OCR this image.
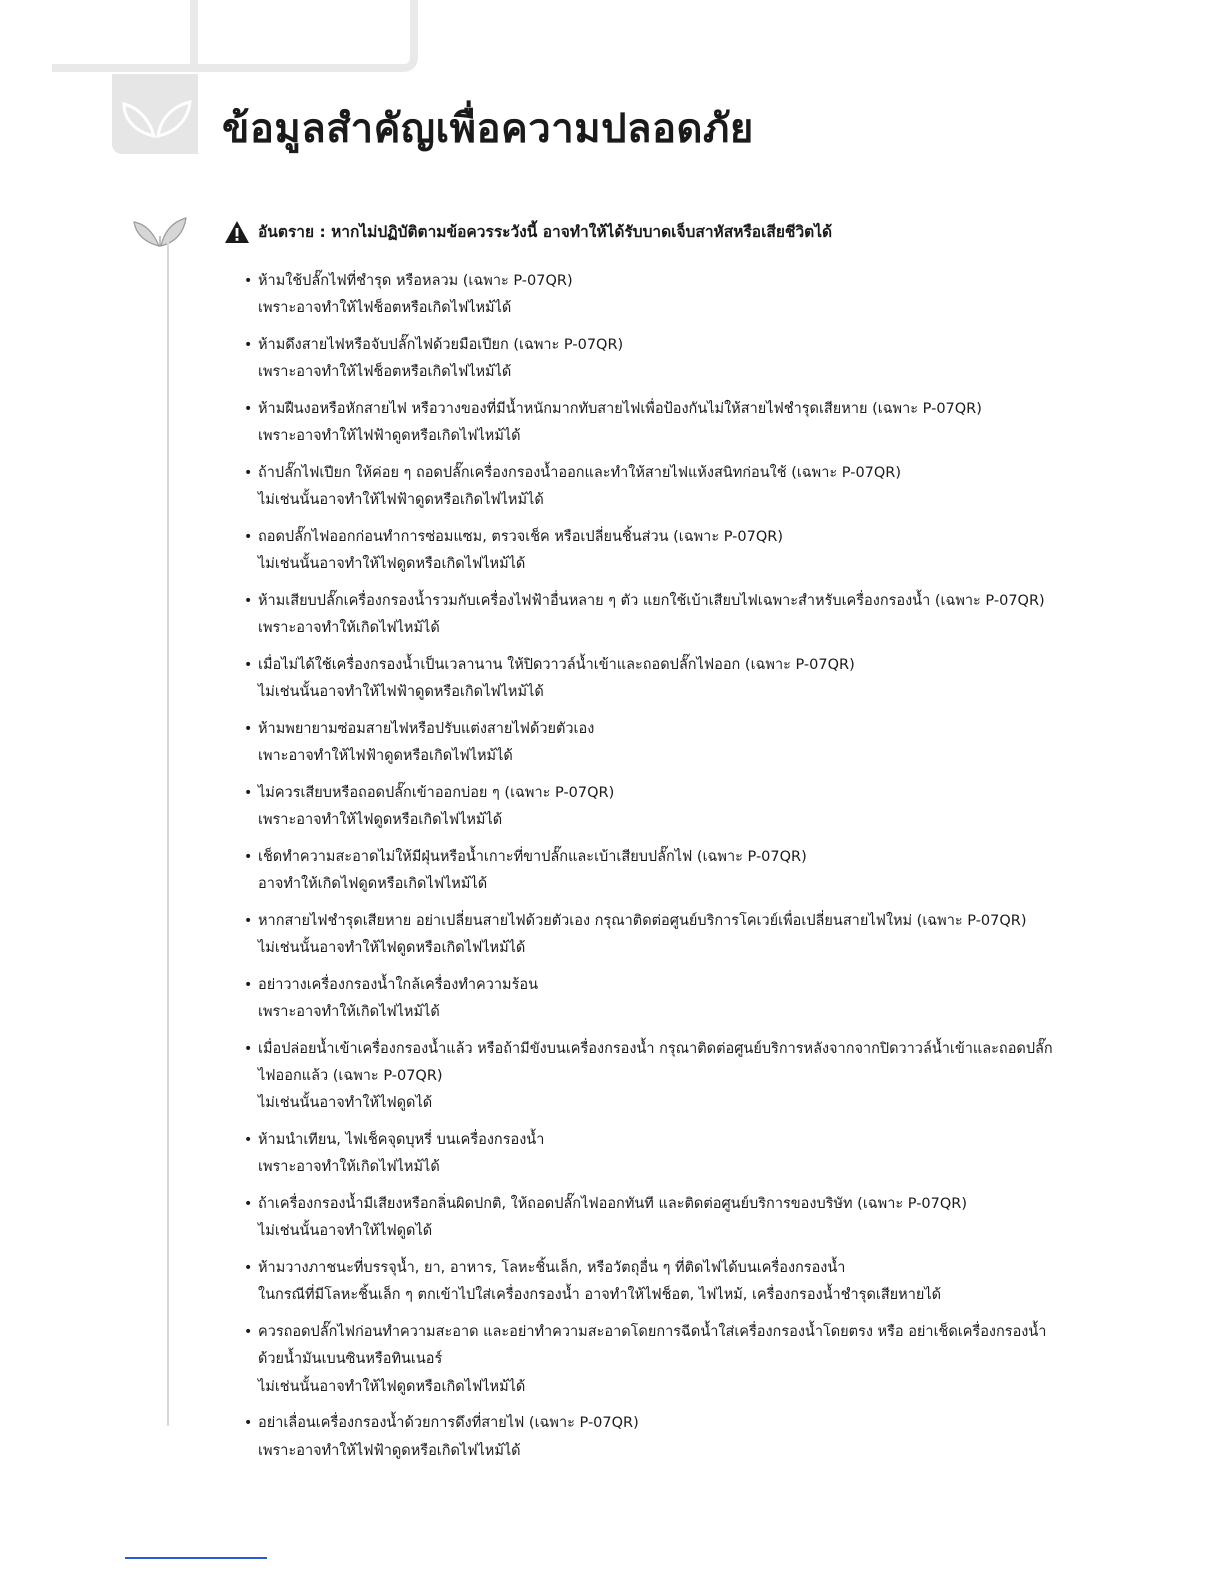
ข้อมูลสำคัญเพื่อความปลอดภัย
อันตราย : หากไม่ปฏิบัติตามข้อควรระวังนี้ อาจทำให้ได้รับบาดเจ็บสาหัสหรือเสียชีวิตได้
• ห้ามใช้ปลั๊กไฟที่ชำรุด หรือหลวม (เฉพาะ P-07QR)

เพราะอาจทำให้ไฟช็อตหรือเกิดไฟไหม้ได้

• ห้ามดึงสายไฟหรือจับปลั๊กไฟด้วยมือเปียก (เฉพาะ P-07QR)

เพราะอาจทำให้ไฟช็อตหรือเกิดไฟไหม้ได้

• ห้ามฝืนงอหรือหักสายไฟ หรือวางของที่มีน้ำหนักมากทับสายไฟเพื่อป้องกันไม่ให้สายไฟชำรุดเสียหาย (เฉพาะ P-07QR)

เพราะอาจทำให้ไฟฟ้าดูดหรือเกิดไฟไหม้ได้

• ถ้าปลั๊กไฟเปียก ให้ค่อย ๆ ถอดปลั๊กเครื่องกรองน้ำออกและทำให้สายไฟแห้งสนิทก่อนใช้ (เฉพาะ P-07QR)

ไม่เช่นนั้นอาจทำให้ไฟฟ้าดูดหรือเกิดไฟไหม้ได้

• ถอดปลั๊กไฟออกก่อนทำการซ่อมแซม, ตรวจเช็ค หรือเปลี่ยนชิ้นส่วน (เฉพาะ P-07QR)

ไม่เช่นนั้นอาจทำให้ไฟดูดหรือเกิดไฟไหม้ได้

• ห้ามเสียบปลั๊กเครื่องกรองน้ำรวมกับเครื่องไฟฟ้าอื่นหลาย ๆ ตัว แยกใช้เบ้าเสียบไฟเฉพาะสำหรับเครื่องกรองน้ำ (เฉพาะ P-07QR)

เพราะอาจทำให้เกิดไฟไหม้ได้

• เมื่อไม่ได้ใช้เครื่องกรองน้ำเป็นเวลานาน ให้ปิดวาวล์น้ำเข้าและถอดปลั๊กไฟออก (เฉพาะ P-07QR)

ไม่เช่นนั้นอาจทำให้ไฟฟ้าดูดหรือเกิดไฟไหม้ได้

• ห้ามพยายามซ่อมสายไฟหรือปรับแต่งสายไฟด้วยตัวเอง

เพาะอาจทำให้ไฟฟ้าดูดหรือเกิดไฟไหม้ได้

• ไม่ควรเสียบหรือถอดปลั๊กเข้าออกบ่อย ๆ (เฉพาะ P-07QR)

เพราะอาจทำให้ไฟดูดหรือเกิดไฟไหม้ได้

• เช็ดทำความสะอาดไม่ให้มีฝุ่นหรือน้ำเกาะที่ขาปลั๊กและเบ้าเสียบปลั๊กไฟ (เฉพาะ P-07QR)

อาจทำให้เกิดไฟดูดหรือเกิดไฟไหม้ได้

• หากสายไฟชำรุดเสียหาย อย่าเปลี่ยนสายไฟด้วยตัวเอง กรุณาติดต่อศูนย์บริการโคเวย์เพื่อเปลี่ยนสายไฟใหม่ (เฉพาะ P-07QR)

ไม่เช่นนั้นอาจทำให้ไฟดูดหรือเกิดไฟไหม้ได้

• อย่าวางเครื่องกรองน้ำใกล้เครื่องทำความร้อน

เพราะอาจทำให้เกิดไฟไหม้ได้

• เมื่อปล่อยน้ำเข้าเครื่องกรองน้ำแล้ว หรือถ้ามีขังบนเครื่องกรองน้ำ กรุณาติดต่อศูนย์บริการหลังจากจากปิดวาวล์น้ำเข้าและถอดปลั๊กไฟออกแล้ว (เฉพาะ P-07QR)

ไม่เช่นนั้นอาจทำให้ไฟดูดได้

• ห้ามนำเทียน, ไฟเช็คจุดบุหรี่ บนเครื่องกรองน้ำ

เพราะอาจทำให้เกิดไฟไหม้ได้

• ถ้าเครื่องกรองน้ำมีเสียงหรือกลิ่นผิดปกติ, ให้ถอดปลั๊กไฟออกทันที และติดต่อศูนย์บริการของบริษัท (เฉพาะ P-07QR)

ไม่เช่นนั้นอาจทำให้ไฟดูดได้

• ห้ามวางภาชนะที่บรรจุน้ำ, ยา, อาหาร, โลหะชิ้นเล็ก, หรือวัตถุอื่น ๆ ที่ติดไฟได้บนเครื่องกรองน้ำ

ในกรณีที่มีโลหะชิ้นเล็ก ๆ ตกเข้าไปใส่เครื่องกรองน้ำ อาจทำให้ไฟช็อต, ไฟไหม้, เครื่องกรองน้ำชำรุดเสียหายได้

• ควรถอดปลั๊กไฟก่อนทำความสะอาด และอย่าทำความสะอาดโดยการฉีดน้ำใส่เครื่องกรองน้ำโดยตรง หรือ อย่าเช็ดเครื่องกรองน้ำด้วยน้ำมันเบนซินหรือทินเนอร์

ไม่เช่นนั้นอาจทำให้ไฟดูดหรือเกิดไฟไหม้ได้

• อย่าเลื่อนเครื่องกรองน้ำด้วยการดึงที่สายไฟ (เฉพาะ P-07QR)

เพราะอาจทำให้ไฟฟ้าดูดหรือเกิดไฟไหม้ได้
